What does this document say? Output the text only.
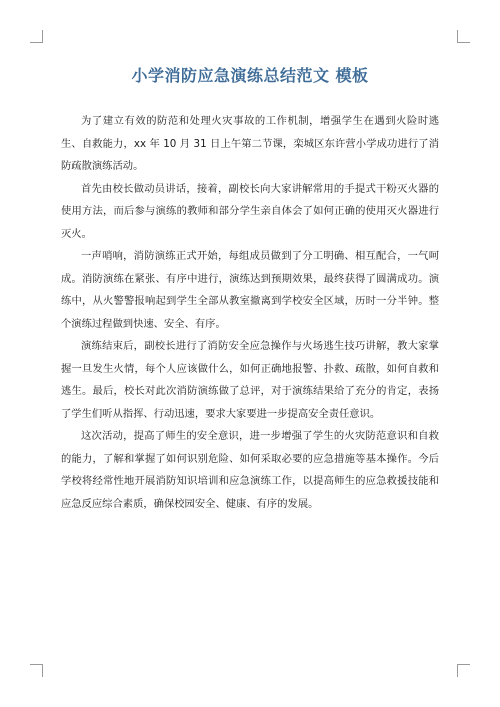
小学消防应急演练总结范文 模板

为了建立有效的防范和处理火灾事故的工作机制，增强学生在遇到火险时逃生、自救能力，xx 年 10 月 31 日上午第二节课，栾城区东许营小学成功进行了消防疏散演练活动。

首先由校长做动员讲话，接着，副校长向大家讲解常用的手提式干粉灭火器的使用方法，而后参与演练的教师和部分学生亲自体会了如何正确的使用灭火器进行灭火。

一声哨响，消防演练正式开始，每组成员做到了分工明确、相互配合，一气呵成。消防演练在紧张、有序中进行，演练达到预期效果，最终获得了圆满成功。演练中，从火警警报响起到学生全部从教室撤离到学校安全区域，历时一分半钟。整个演练过程做到快速、安全、有序。

演练结束后，副校长进行了消防安全应急操作与火场逃生技巧讲解，教大家掌握一旦发生火情，每个人应该做什么，如何正确地报警、扑救、疏散，如何自救和逃生。最后，校长对此次消防演练做了总评，对于演练结果给了充分的肯定，表扬了学生们听从指挥、行动迅速，要求大家要进一步提高安全责任意识。

这次活动，提高了师生的安全意识，进一步增强了学生的火灾防范意识和自救的能力，了解和掌握了如何识别危险、如何采取必要的应急措施等基本操作。今后学校将经常性地开展消防知识培训和应急演练工作，以提高师生的应急救援技能和应急反应综合素质，确保校园安全、健康、有序的发展。
